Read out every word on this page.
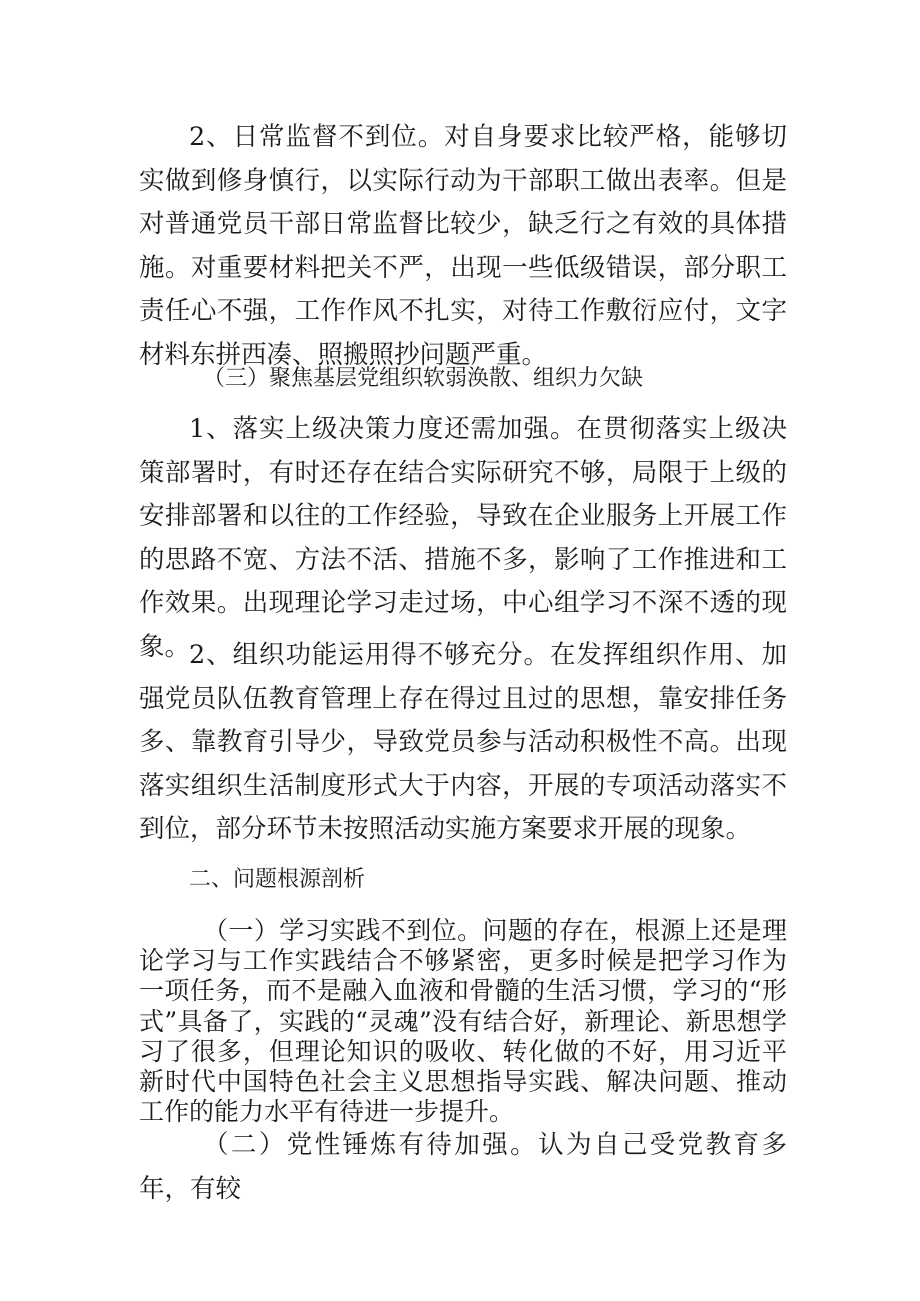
2、日常监督不到位。对自身要求比较严格，能够切实做到修身慎行，以实际行动为干部职工做出表率。但是对普通党员干部日常监督比较少，缺乏行之有效的具体措施。对重要材料把关不严，出现一些低级错误，部分职工责任心不强，工作作风不扎实，对待工作敷衍应付，文字材料东拼西凑、照搬照抄问题严重。

（三）聚焦基层党组织软弱涣散、组织力欠缺

1、落实上级决策力度还需加强。在贯彻落实上级决策部署时，有时还存在结合实际研究不够，局限于上级的安排部署和以往的工作经验，导致在企业服务上开展工作的思路不宽、方法不活、措施不多，影响了工作推进和工作效果。出现理论学习走过场，中心组学习不深不透的现象。

2、组织功能运用得不够充分。在发挥组织作用、加强党员队伍教育管理上存在得过且过的思想，靠安排任务多、靠教育引导少，导致党员参与活动积极性不高。出现落实组织生活制度形式大于内容，开展的专项活动落实不到位，部分环节未按照活动实施方案要求开展的现象。

二、问题根源剖析

（一）学习实践不到位。问题的存在，根源上还是理论学习与工作实践结合不够紧密，更多时候是把学习作为一项任务，而不是融入血液和骨髓的生活习惯，学习的“形式”具备了，实践的“灵魂”没有结合好，新理论、新思想学习了很多，但理论知识的吸收、转化做的不好，用习近平新时代中国特色社会主义思想指导实践、解决问题、推动工作的能力水平有待进一步提升。

（二）党性锤炼有待加强。认为自己受党教育多年，有较
